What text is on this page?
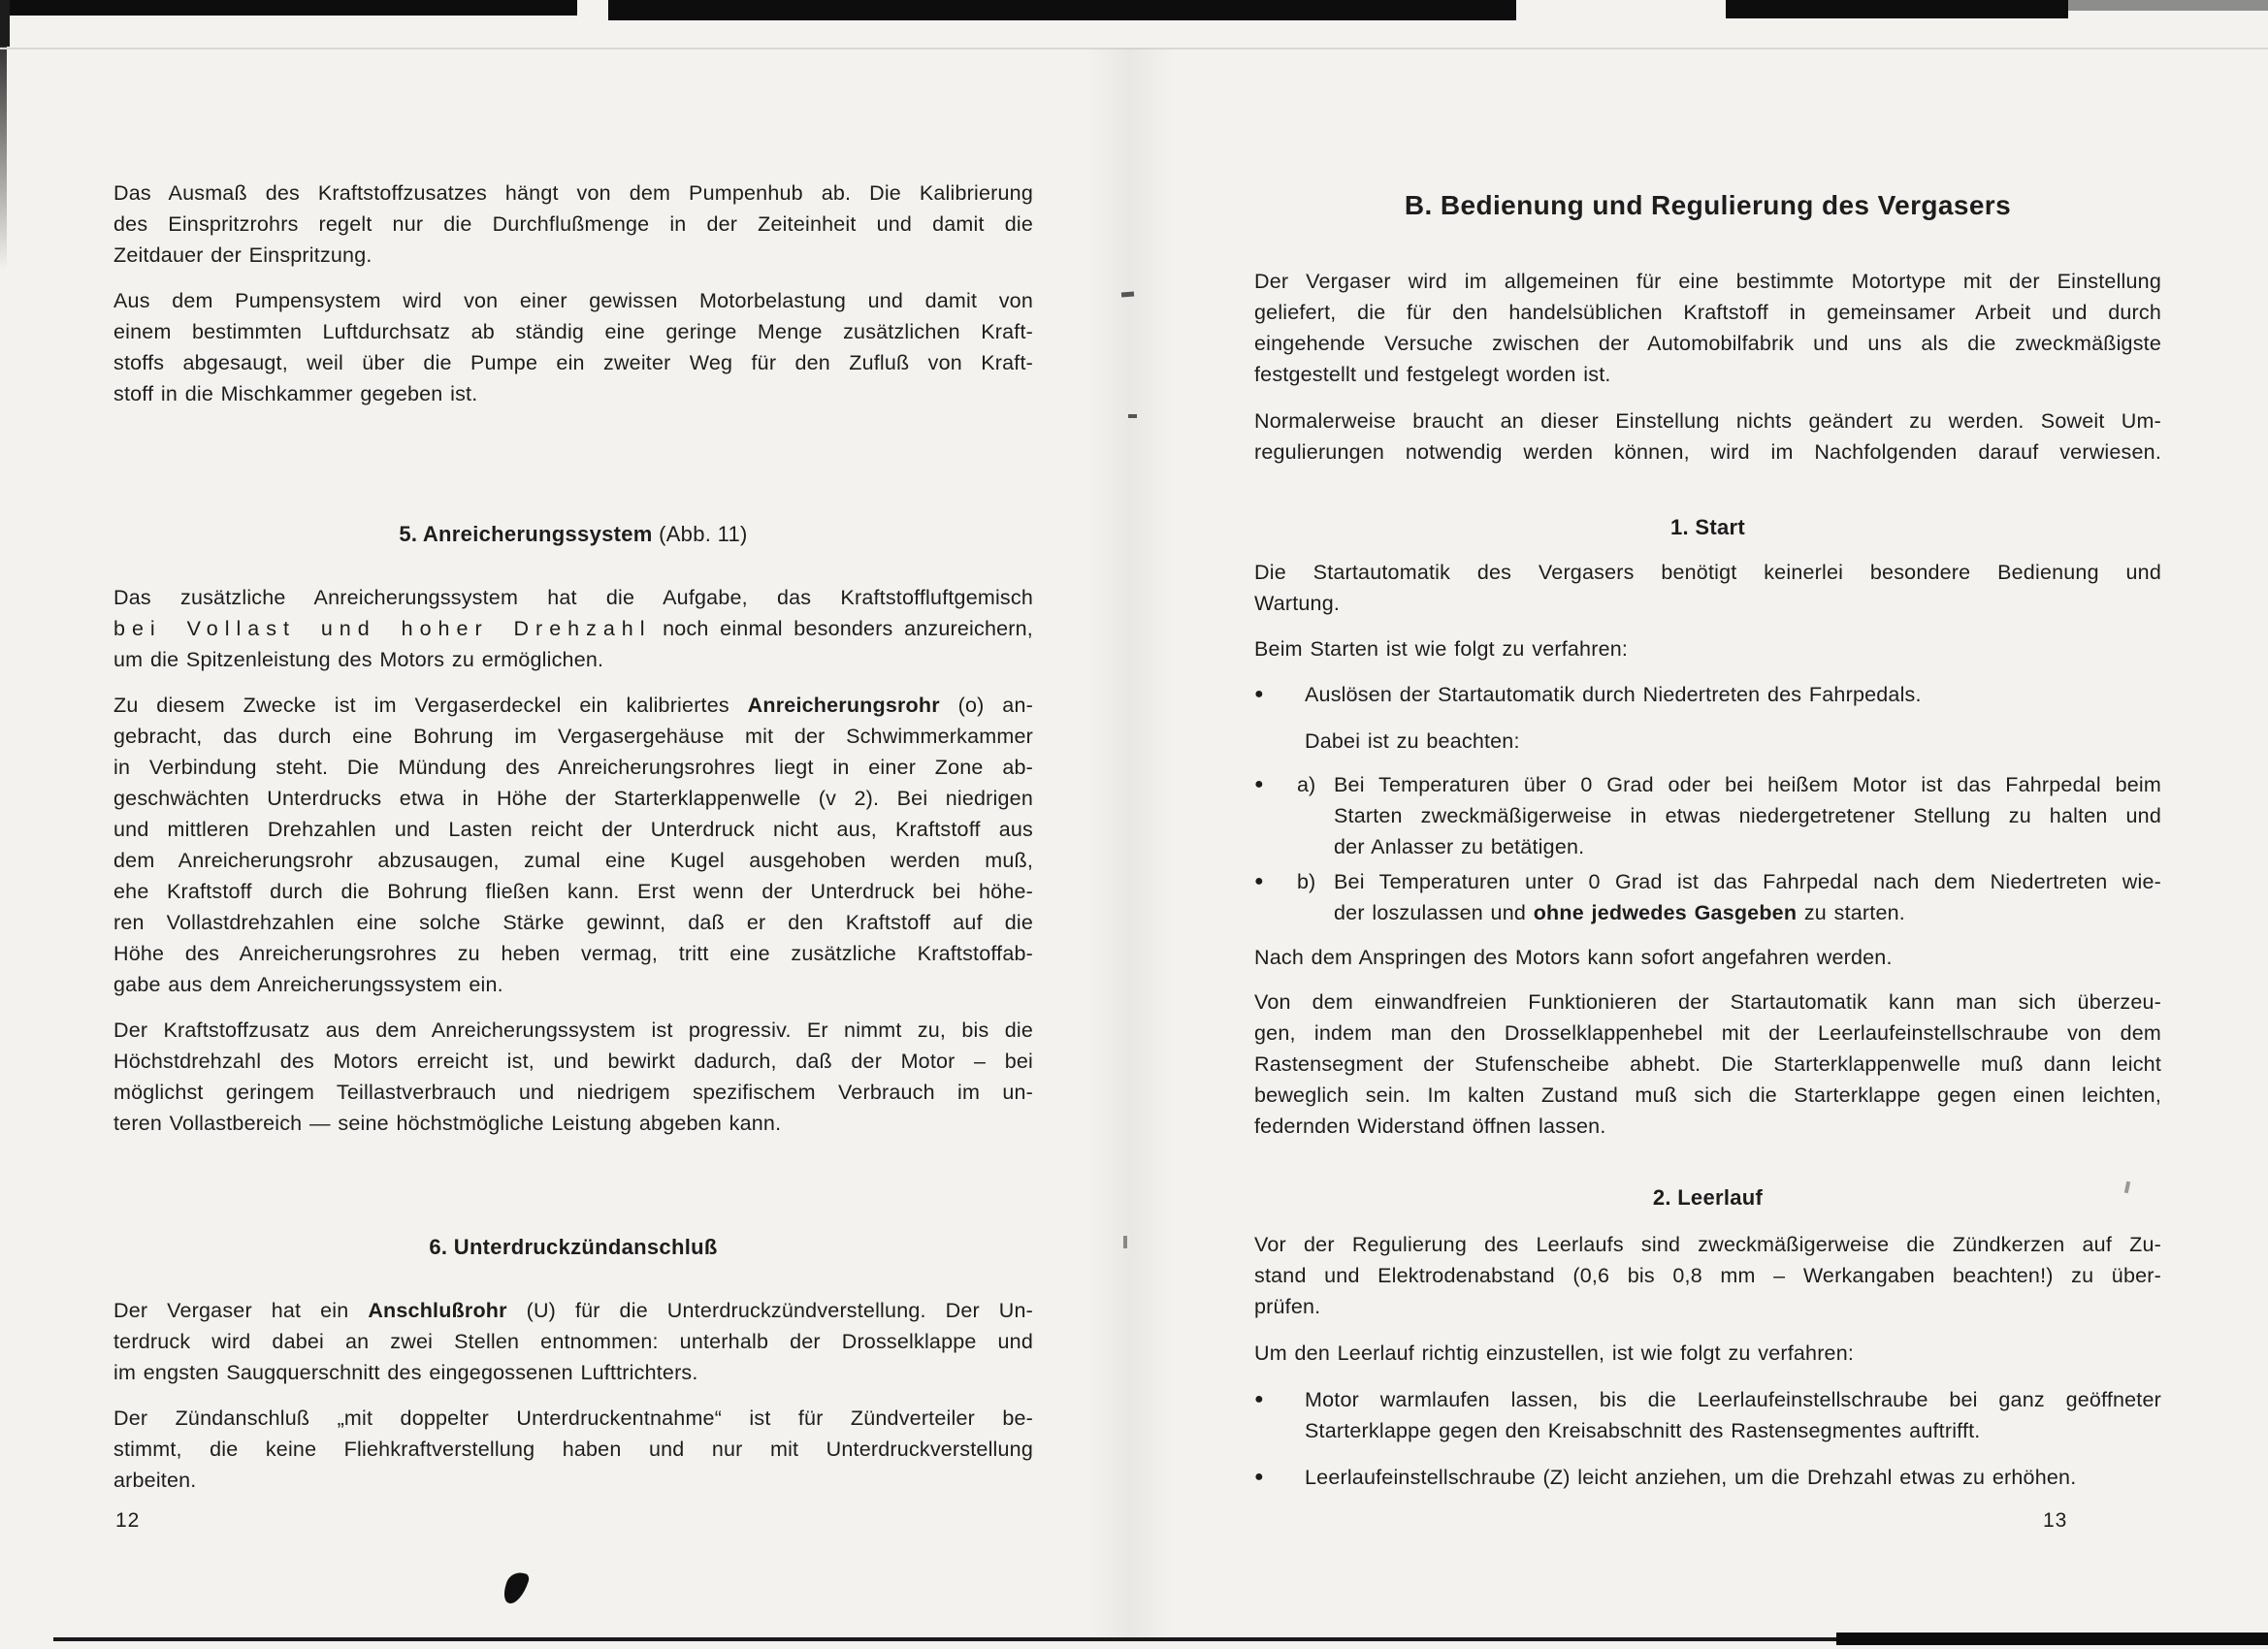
Das Ausmaß des Kraftstoffzusatzes hängt von dem Pumpenhub ab. Die Kalibrierung
des Einspritzrohrs regelt nur die Durchflußmenge in der Zeiteinheit und damit die
Zeitdauer der Einspritzung.
Aus dem Pumpensystem wird von einer gewissen Motorbelastung und damit von
einem bestimmten Luftdurchsatz ab ständig eine geringe Menge zusätzlichen Kraft-
stoffs abgesaugt, weil über die Pumpe ein zweiter Weg für den Zufluß von Kraft-
stoff in die Mischkammer gegeben ist.
5. Anreicherungssystem (Abb. 11)
Das zusätzliche Anreicherungssystem hat die Aufgabe, das Kraftstoffluftgemisch
bei Vollast und hoher Drehzahl noch einmal besonders anzureichern,
um die Spitzenleistung des Motors zu ermöglichen.
Zu diesem Zwecke ist im Vergaserdeckel ein kalibriertes Anreicherungsrohr (o) an-
gebracht, das durch eine Bohrung im Vergasergehäuse mit der Schwimmerkammer
in Verbindung steht. Die Mündung des Anreicherungsrohres liegt in einer Zone ab-
geschwächten Unterdrucks etwa in Höhe der Starterklappenwelle (v 2). Bei niedrigen
und mittleren Drehzahlen und Lasten reicht der Unterdruck nicht aus, Kraftstoff aus
dem Anreicherungsrohr abzusaugen, zumal eine Kugel ausgehoben werden muß,
ehe Kraftstoff durch die Bohrung fließen kann. Erst wenn der Unterdruck bei höhe-
ren Vollastdrehzahlen eine solche Stärke gewinnt, daß er den Kraftstoff auf die
Höhe des Anreicherungsrohres zu heben vermag, tritt eine zusätzliche Kraftstoffab-
gabe aus dem Anreicherungssystem ein.
Der Kraftstoffzusatz aus dem Anreicherungssystem ist progressiv. Er nimmt zu, bis die
Höchstdrehzahl des Motors erreicht ist, und bewirkt dadurch, daß der Motor – bei
möglichst geringem Teillastverbrauch und niedrigem spezifischem Verbrauch im un-
teren Vollastbereich — seine höchstmögliche Leistung abgeben kann.
6. Unterdruckzündanschluß
Der Vergaser hat ein Anschlußrohr (U) für die Unterdruckzündverstellung. Der Un-
terdruck wird dabei an zwei Stellen entnommen: unterhalb der Drosselklappe und
im engsten Saugquerschnitt des eingegossenen Lufttrichters.
Der Zündanschluß „mit doppelter Unterdruckentnahme“ ist für Zündverteiler be-
stimmt, die keine Fliehkraftverstellung haben und nur mit Unterdruckverstellung
arbeiten.
12
B. Bedienung und Regulierung des Vergasers
Der Vergaser wird im allgemeinen für eine bestimmte Motortype mit der Einstellung
geliefert, die für den handelsüblichen Kraftstoff in gemeinsamer Arbeit und durch
eingehende Versuche zwischen der Automobilfabrik und uns als die zweckmäßigste
festgestellt und festgelegt worden ist.
Normalerweise braucht an dieser Einstellung nichts geändert zu werden. Soweit Um-
regulierungen notwendig werden können, wird im Nachfolgenden darauf verwiesen.
1. Start
Die Startautomatik des Vergasers benötigt keinerlei besondere Bedienung und
Wartung.
Beim Starten ist wie folgt zu verfahren:
●	Auslösen der Startautomatik durch Niedertreten des Fahrpedals.
Dabei ist zu beachten:
●	a) Bei Temperaturen über 0 Grad oder bei heißem Motor ist das Fahrpedal beim
Starten zweckmäßigerweise in etwas niedergetretener Stellung zu halten und
der Anlasser zu betätigen.
●	b) Bei Temperaturen unter 0 Grad ist das Fahrpedal nach dem Niedertreten wie-
der loszulassen und ohne jedwedes Gasgeben zu starten.
Nach dem Anspringen des Motors kann sofort angefahren werden.
Von dem einwandfreien Funktionieren der Startautomatik kann man sich überzeu-
gen, indem man den Drosselklappenhebel mit der Leerlaufeinstellschraube von dem
Rastensegment der Stufenscheibe abhebt. Die Starterklappenwelle muß dann leicht
beweglich sein. Im kalten Zustand muß sich die Starterklappe gegen einen leichten,
federnden Widerstand öffnen lassen.
2. Leerlauf
Vor der Regulierung des Leerlaufs sind zweckmäßigerweise die Zündkerzen auf Zu-
stand und Elektrodenabstand (0,6 bis 0,8 mm – Werkangaben beachten!) zu über-
prüfen.
Um den Leerlauf richtig einzustellen, ist wie folgt zu verfahren:
●	Motor warmlaufen lassen, bis die Leerlaufeinstellschraube bei ganz geöffneter
Starterklappe gegen den Kreisabschnitt des Rastensegmentes auftrifft.
●	Leerlaufeinstellschraube (Z) leicht anziehen, um die Drehzahl etwas zu erhöhen.
13
